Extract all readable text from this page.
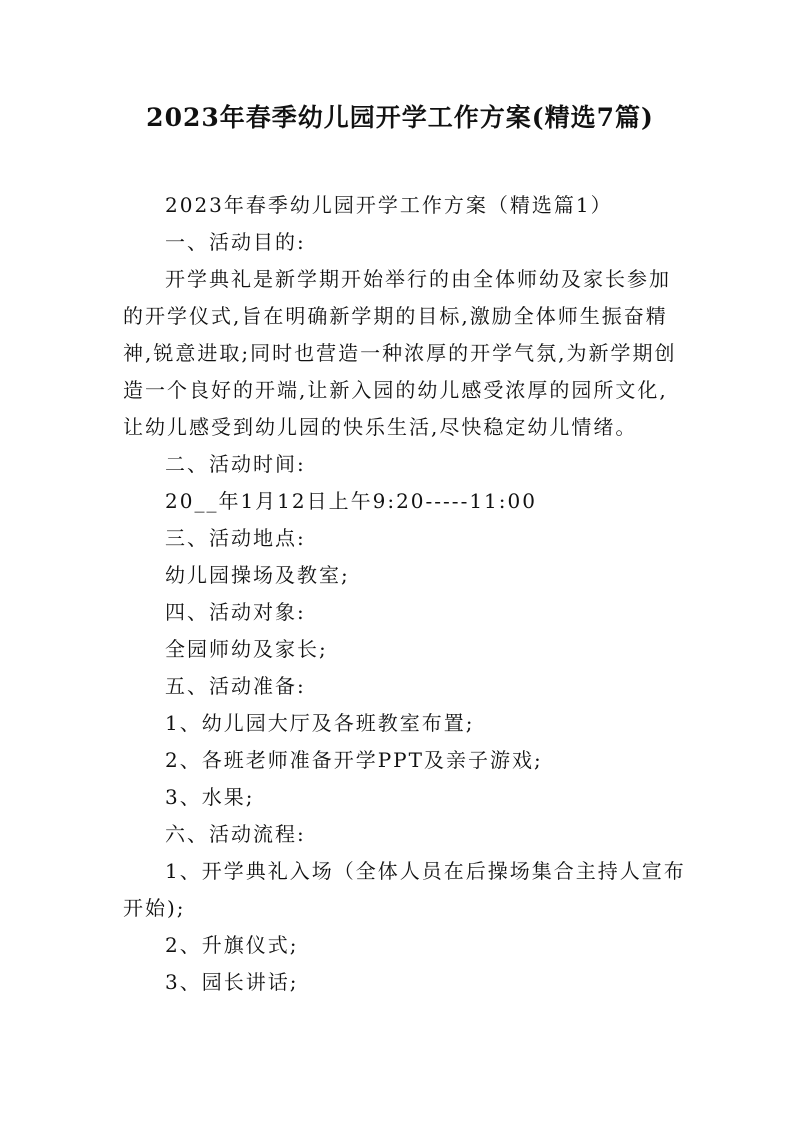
2023年春季幼儿园开学工作方案(精选7篇)
2023年春季幼儿园开学工作方案（精选篇1）
一、活动目的:
开学典礼是新学期开始举行的由全体师幼及家长参加
的开学仪式,旨在明确新学期的目标,激励全体师生振奋精
神,锐意进取;同时也营造一种浓厚的开学气氛,为新学期创
造一个良好的开端,让新入园的幼儿感受浓厚的园所文化,
让幼儿感受到幼儿园的快乐生活,尽快稳定幼儿情绪。
二、活动时间:
20__年1月12日上午9:20-----11:00
三、活动地点:
幼儿园操场及教室;
四、活动对象:
全园师幼及家长;
五、活动准备:
1、幼儿园大厅及各班教室布置;
2、各班老师准备开学PPT及亲子游戏;
3、水果;
六、活动流程:
1、开学典礼入场（全体人员在后操场集合主持人宣布
开始);
2、升旗仪式;
3、园长讲话;
